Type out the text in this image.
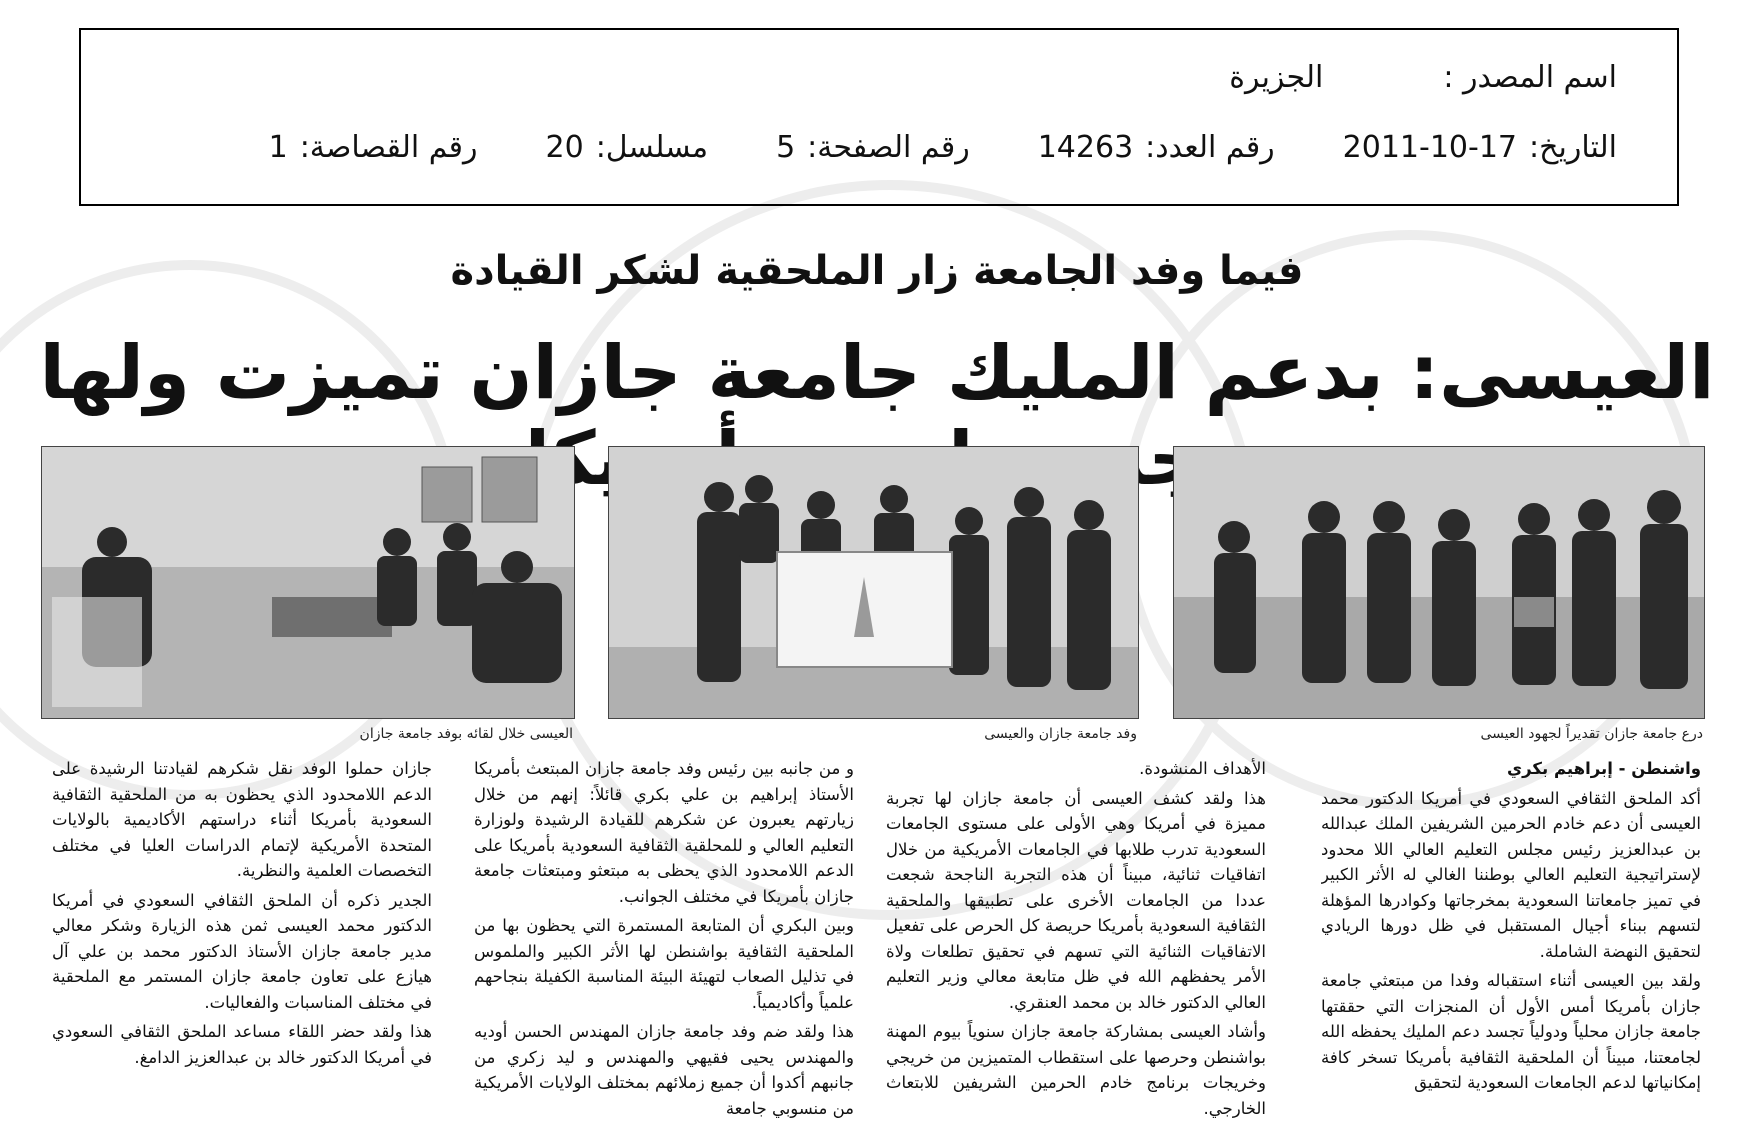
اسم المصدر :
الجزيرة
التاريخ:
2011-10-17
رقم العدد:
14263
رقم الصفحة:
5
مسلسل:
20
رقم القصاصة:
1
فيما وفد الجامعة زار الملحقية لشكر القيادة
العيسى: بدعم المليك جامعة جازان تميزت ولها
درع جامعة جازان تقديراً لجهود العيسى
وفد جامعة جازان والعيسى
العيسى خلال لقائه بوفد جامعة جازان

واشنطن - إبراهيم بكري

أكد الملحق الثقافي السعودي في أمريكا الدكتور محمد العيسى أن دعم خادم الحرمين الشريفين الملك عبدالله بن عبدالعزيز رئيس مجلس التعليم العالي اللا محدود لإستراتيجية التعليم العالي بوطننا الغالي له الأثر الكبير في تميز جامعاتنا السعودية بمخرجاتها وكوادرها المؤهلة لتسهم ببناء أجيال المستقبل في ظل دورها الريادي لتحقيق النهضة الشاملة.

ولقد بين العيسى أثناء استقباله وفدا من مبتعثي جامعة جازان بأمريكا أمس الأول أن المنجزات التي حققتها جامعة جازان محلياً ودولياً تجسد دعم المليك يحفظه الله لجامعتنا، مبيناً أن الملحقية الثقافية بأمريكا تسخر كافة إمكانياتها لدعم الجامعات السعودية لتحقيق

الأهداف المنشودة.

هذا ولقد كشف العيسى أن جامعة جازان لها تجربة مميزة في أمريكا وهي الأولى على مستوى الجامعات السعودية تدرب طلابها في الجامعات الأمريكية من خلال اتفاقيات ثنائية، مبيناً أن هذه التجربة الناجحة شجعت عددا من الجامعات الأخرى على تطبيقها والملحقية الثقافية السعودية بأمريكا حريصة كل الحرص على تفعيل الاتفاقيات الثنائية التي تسهم في تحقيق تطلعات ولاة الأمر يحفظهم الله في ظل متابعة معالي وزير التعليم العالي الدكتور خالد بن محمد العنقري.

وأشاد العيسى بمشاركة جامعة جازان سنوياً بيوم المهنة بواشنطن وحرصها على استقطاب المتميزين من خريجي وخريجات برنامج خادم الحرمين الشريفين للابتعاث الخارجي.

و من جانبه بين رئيس وفد جامعة جازان المبتعث بأمريكا الأستاذ إبراهيم بن علي بكري قائلاً: إنهم من خلال زيارتهم يعبرون عن شكرهم للقيادة الرشيدة ولوزارة التعليم العالي و للمحلقية الثقافية السعودية بأمريكا على الدعم اللامحدود الذي يحظى به مبتعثو ومبتعثات جامعة جازان بأمريكا في مختلف الجوانب.

وبين البكري أن المتابعة المستمرة التي يحظون بها من الملحقية الثقافية بواشنطن لها الأثر الكبير والملموس في تذليل الصعاب لتهيئة البيئة المناسبة الكفيلة بنجاحهم علمياً وأكاديمياً.

هذا ولقد ضم وفد جامعة جازان المهندس الحسن أوديه والمهندس يحيى فقيهي والمهندس و ليد زكري من جانبهم أكدوا أن جميع زملائهم بمختلف الولايات الأمريكية من منسوبي جامعة

جازان حملوا الوفد نقل شكرهم لقيادتنا الرشيدة على الدعم اللامحدود الذي يحظون به من الملحقية الثقافية السعودية بأمريكا أثناء دراستهم الأكاديمية بالولايات المتحدة الأمريكية لإتمام الدراسات العليا في مختلف التخصصات العلمية والنظرية.

الجدير ذكره أن الملحق الثقافي السعودي في أمريكا الدكتور محمد العيسى ثمن هذه الزيارة وشكر معالي مدير جامعة جازان الأستاذ الدكتور محمد بن علي آل هيازع على تعاون جامعة جازان المستمر مع الملحقية في مختلف المناسبات والفعاليات.

هذا ولقد حضر اللقاء مساعد الملحق الثقافي السعودي في أمريكا الدكتور خالد بن عبدالعزيز الدامغ.
